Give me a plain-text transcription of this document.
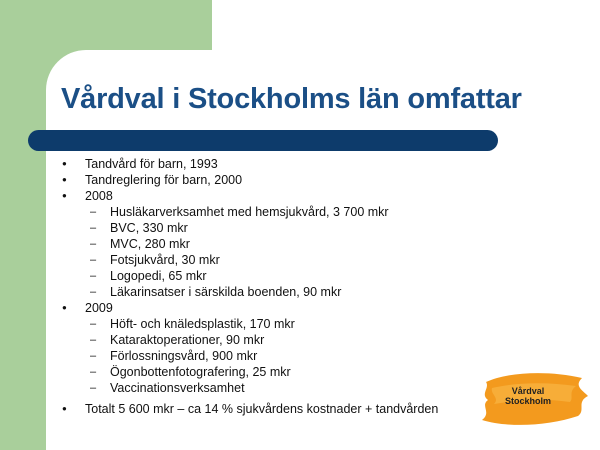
Vårdval i Stockholms län omfattar
● Tandvård för barn, 1993
● Tandreglering för barn, 2000
● 2008
– Husläkarverksamhet med hemsjukvård, 3 700 mkr
– BVC, 330 mkr
– MVC, 280 mkr
– Fotsjukvård, 30 mkr
– Logopedi, 65 mkr
– Läkarinsatser i särskilda boenden, 90 mkr
● 2009
– Höft- och knäledsplastik, 170 mkr
– Kataraktoperationer, 90 mkr
– Förlossningsvård, 900 mkr
– Ögonbottenfotografering, 25 mkr
– Vaccinationsverksamhet
● Totalt 5 600 mkr – ca 14 % sjukvårdens kostnader + tandvården
Vårdval
Stockholm
